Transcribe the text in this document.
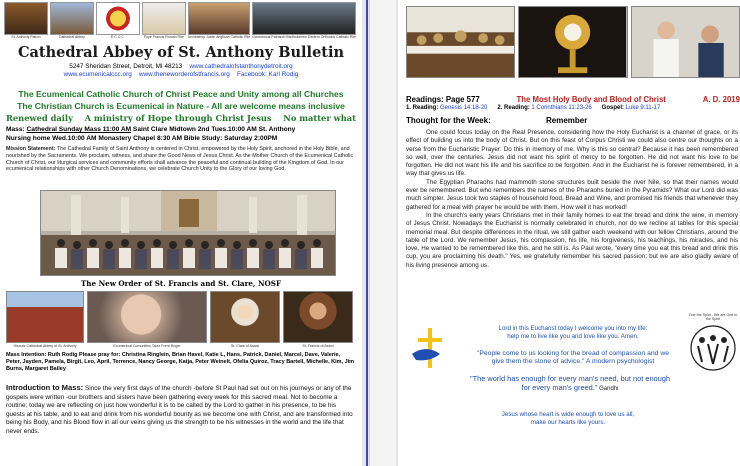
St. Anthony Patron	Cathedral Abbey	E.C.C.C.	Pope Francis Roman Rite Archbishop Justin Anglican Catholic Rite Ecumenical Patriarch Bartholomew Eastern Orthodox Catholic Rite
Cathedral Abbey of St. Anthony Bulletin
5247 Sheridan Street, Detroit, MI 48213 www.cathedralofstanthonydetroit.org
www.ecumenicalccc.org www.theneworderofstfrancis.org Facebook: Karl Rodig
The Ecumenical Catholic Church of Christ Peace and Unity among all Churches
The Christian Church is Ecumenical in Nature - All are welcome means inclusive
Renewed daily A ministry of Hope through Christ Jesus No matter what
Mass: Cathedral Sunday Mass 11:00 AM Saint Clare Midtown 2nd Tues.10:00 AM St. Anthony
Nursing home Wed.10:00 AM Monastery Chapel 8:30 AM Bible Study: Saturday 2:00PM
Mission Statement: The Cathedral Family of Saint Anthony is centered in Christ, empowered by the Holy Spirit, anchored in the Holy Bible, and nourished by the Sacraments. We proclaim, witness, and share the Good News of Jesus Christ. As the Mother Church of the Ecumenical Catholic Church of Christ, our liturgical services and community efforts shall advance the peaceful and continual building of the Kingdom of God. In our ecumenical relationships with other Church Denominations, we celebrate Church Unity to the Glory of our loving God.
The New Order of St. Francis and St. Clare, NOSF
Historic Cathedral Abbey of St. Anthony	Ecumenical Comunities Taize Frere Roger	St. Clare of Assisi	St. Francis of Assisi
Mass Intention: Ruth Rodig Please pray for: Christina Ringlein, Brian Havel, Katie L, Hans, Patrick, Daniel, Marcel, Dave, Valerie, Peter, Jayden, Pamela, Birgit, Leo, April, Terrence, Nancy George, Katja, Peter Weinelt, Ofelia Quiroz, Tracy Bartell, Michelle, Kim, Jim Burns, Margaret Bailey
Introduction to Mass: Since the very first days of the church -before St Paul had set out on his journeys or any of the gospels were written -our brothers and sisters have been gathering every week for this sacred meal. Not to become a routine; today we are reflecting on just how wonderful it is to be called by the Lord to gather in his presence, to be his guests at his table, and to eat and drink from his wonderful bounty as we become one with Christ, and are transformed into being his Body, and his Blood flow in all our veins giving us the strength to be his witnesses in the world and the life that never ends.
Readings: Page 577	The Most Holy Body and Blood of Christ	A. D. 2019
1. Reading: Genesis 14:18-20 2. Reading: 1 Corinthians 11:23-26 Gospel: Luke 9:11-17
Thought for the Week:	Remember

One could focus today on the Real Presence, considering how the Holy Eucharist is a channel of grace, or its effect of building us into the body of Christ. But on this feast of Corpus Christi we could also centre our thoughts on a verse from the Eucharistic Prayer: Do this in memory of me. Why is this so central? Because it has been remembered so well, over the centuries. Jesus did not want his spirit of mercy to be forgotten. He did not want his love to be forgotten. He did not want his life and his sacrifice to be forgotten. And in the Eucharist he is forever remembered, in a way that gives us life.

The Egyptian Pharaohs had mammoth stone structures built beside the river Nile, so that their names would ever be remembered. But who remembers the names of the Pharaohs buried in the Pyramids? What our Lord did was much simpler. Jesus took two staples of household food, Bread and Wine, and promised his friends that whenever they gathered for a meal with prayer he would be with them. How well it has worked!

In the church's early years Christians met in their family homes to eat the bread and drink the wine, in memory of Jesus Christ. Nowadays the Eucharist is normally celebrated in church, nor do we recline at tables for this special memorial meal. But despite differences in the ritual, we still gather each weekend with our fellow Christians, around the table of the Lord. We remember Jesus, his compassion, his life, his forgiveness, his teachings, his miracles, and his love. He wanted to be remembered like this, and he still is. As Paul wrote, "every time you eat this bread and drink this cup, you are proclaiming his death." Yes, we gratefully remember his sacred passion; but we are also gladly aware of his living presence among us.

Lord in this Eucharist today I welcome you into my life;
help me to live like you and love like you. Amen.
"People come to us looking for the bread of compassion and we
give them the stone of advice." A modern psychologist
"The world has enough for every man's need, but not enough
for every man's greed." Gandhi
One the Spirit - We are One in the Spirit
Jesus whose heart is wide enough to love us all,
make our hearts like yours.
